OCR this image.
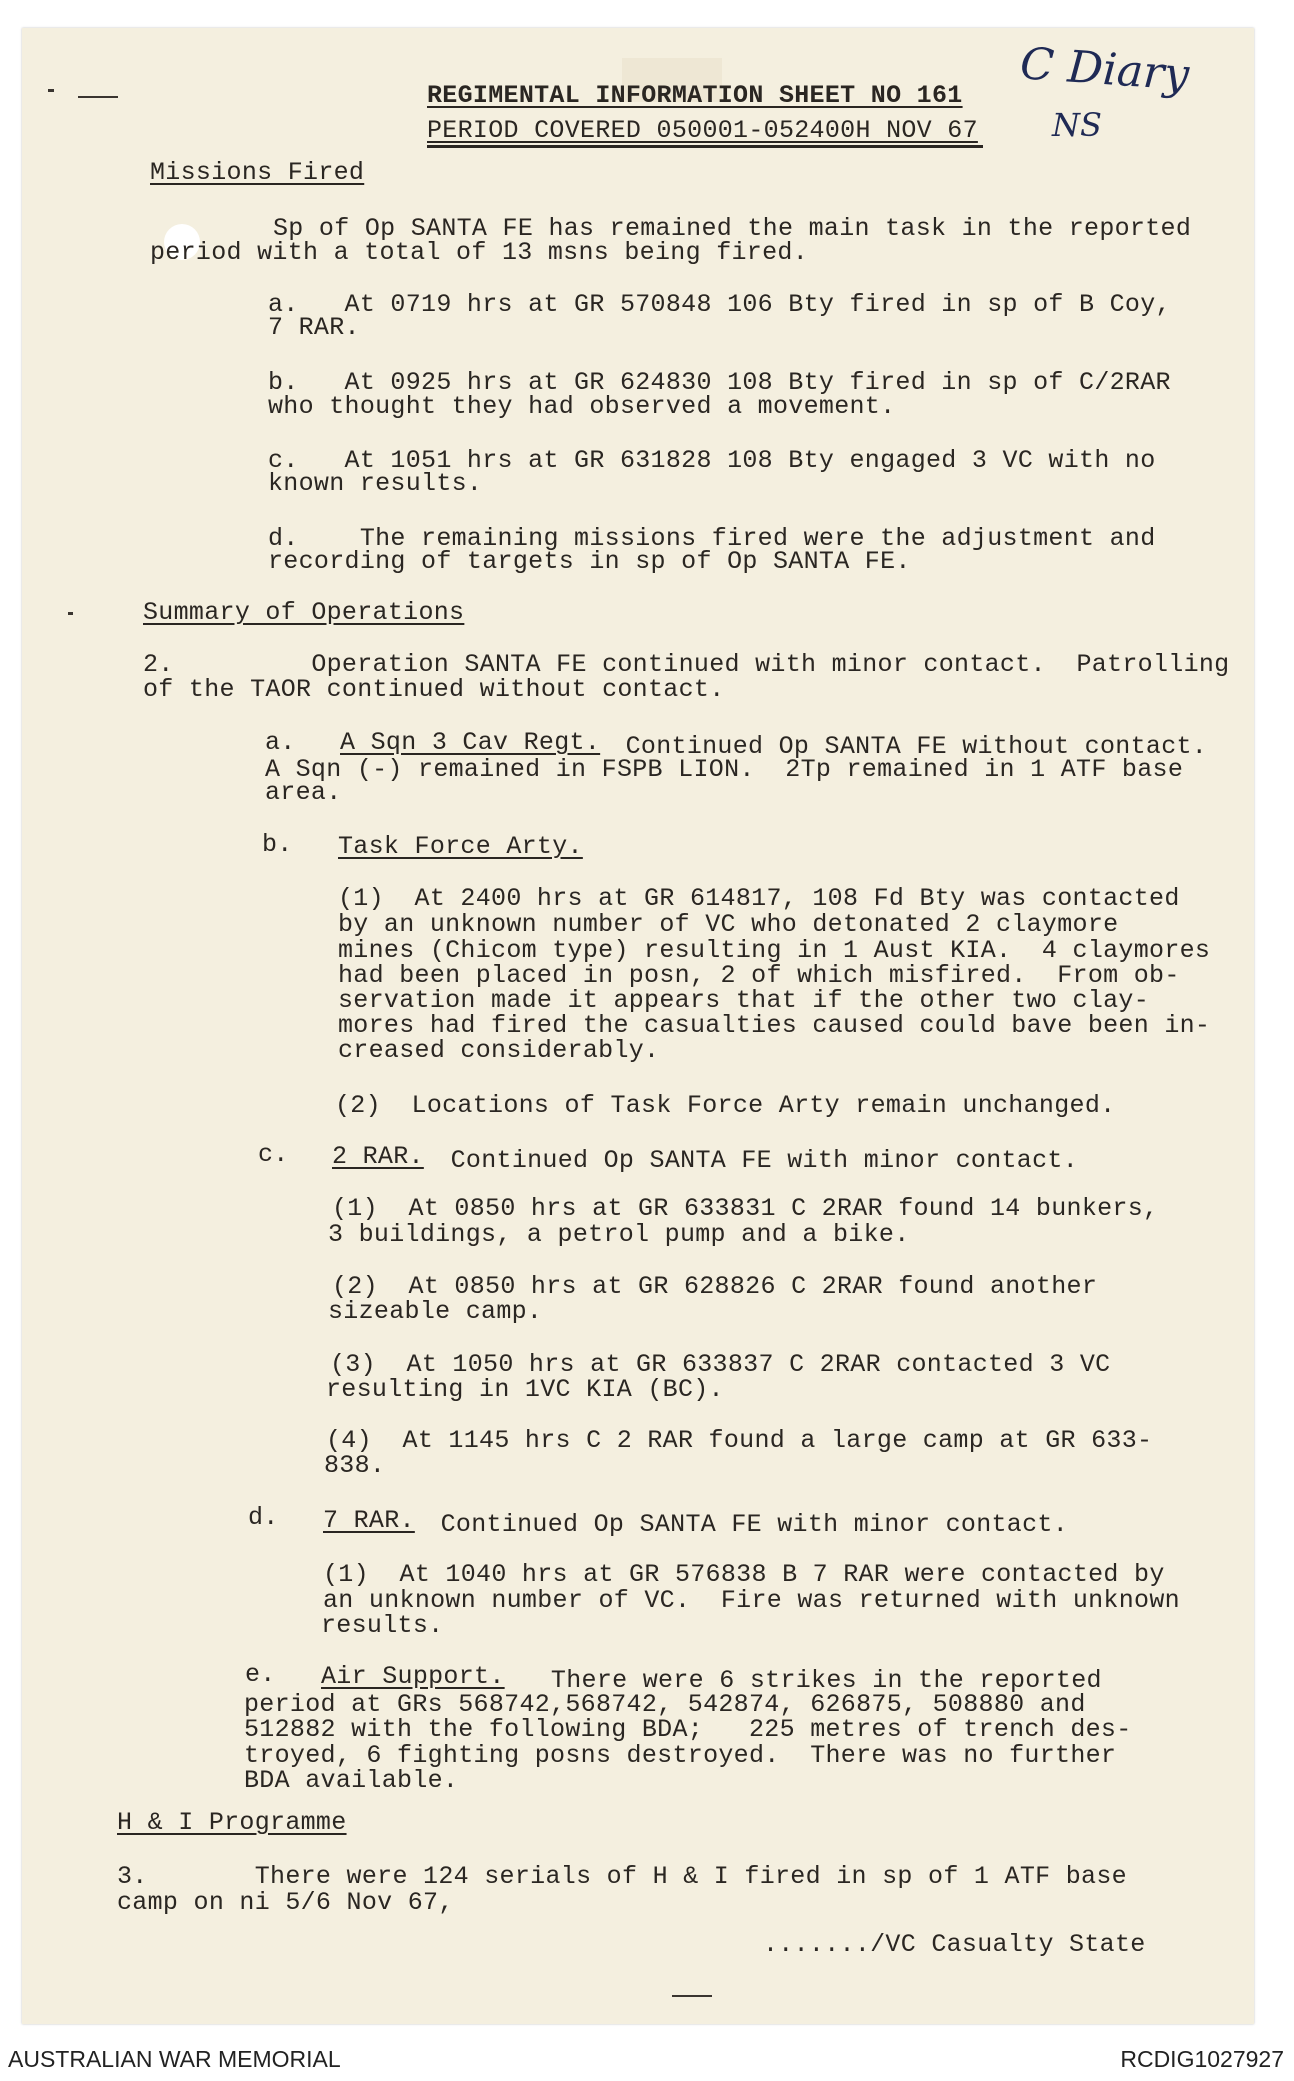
REGIMENTAL INFORMATION SHEET NO 161
PERIOD COVERED 050001-052400H NOV 67
C Diary
NS
Missions Fired
Sp of Op SANTA FE has remained the main task in the reported
period with a total of 13 msns being fired.
a.   At 0719 hrs at GR 570848 106 Bty fired in sp of B Coy,
7 RAR.
b.   At 0925 hrs at GR 624830 108 Bty fired in sp of C/2RAR
who thought they had observed a movement.
c.   At 1051 hrs at GR 631828 108 Bty engaged 3 VC with no
known results.
d.    The remaining missions fired were the adjustment and
recording of targets in sp of Op SANTA FE.
Summary of Operations
2.         Operation SANTA FE continued with minor contact.  Patrolling
of the TAOR continued without contact.
a. A Sqn 3 Cav Regt.
Continued Op SANTA FE without contact.
A Sqn (-) remained in FSPB LION.  2Tp remained in 1 ATF base
area.
b. Task Force Arty.
(1)  At 2400 hrs at GR 614817, 108 Fd Bty was contacted
by an unknown number of VC who detonated 2 claymore
mines (Chicom type) resulting in 1 Aust KIA.  4 claymores
had been placed in posn, 2 of which misfired.  From ob-
servation made it appears that if the other two clay-
mores had fired the casualties caused could bave been in-
creased considerably.
(2)  Locations of Task Force Arty remain unchanged.
c. 2 RAR.
Continued Op SANTA FE with minor contact.
(1)  At 0850 hrs at GR 633831 C 2RAR found 14 bunkers,
3 buildings, a petrol pump and a bike.
(2)  At 0850 hrs at GR 628826 C 2RAR found another
sizeable camp.
(3)  At 1050 hrs at GR 633837 C 2RAR contacted 3 VC
resulting in 1VC KIA (BC).
(4)  At 1145 hrs C 2 RAR found a large camp at GR 633-
838.
d. 7 RAR.
Continued Op SANTA FE with minor contact.
(1)  At 1040 hrs at GR 576838 B 7 RAR were contacted by
an unknown number of VC.  Fire was returned with unknown
results.
e. Air Support. There were 6 strikes in the reported
period at GRs 568742,568742, 542874, 626875, 508880 and
512882 with the following BDA;   225 metres of trench des-
troyed, 6 fighting posns destroyed.  There was no further
BDA available.
H & I Programme
3.       There were 124 serials of H & I fired in sp of 1 ATF base
camp on ni 5/6 Nov 67,
......./VC Casualty State
AUSTRALIAN WAR MEMORIAL	RCDIG1027927
